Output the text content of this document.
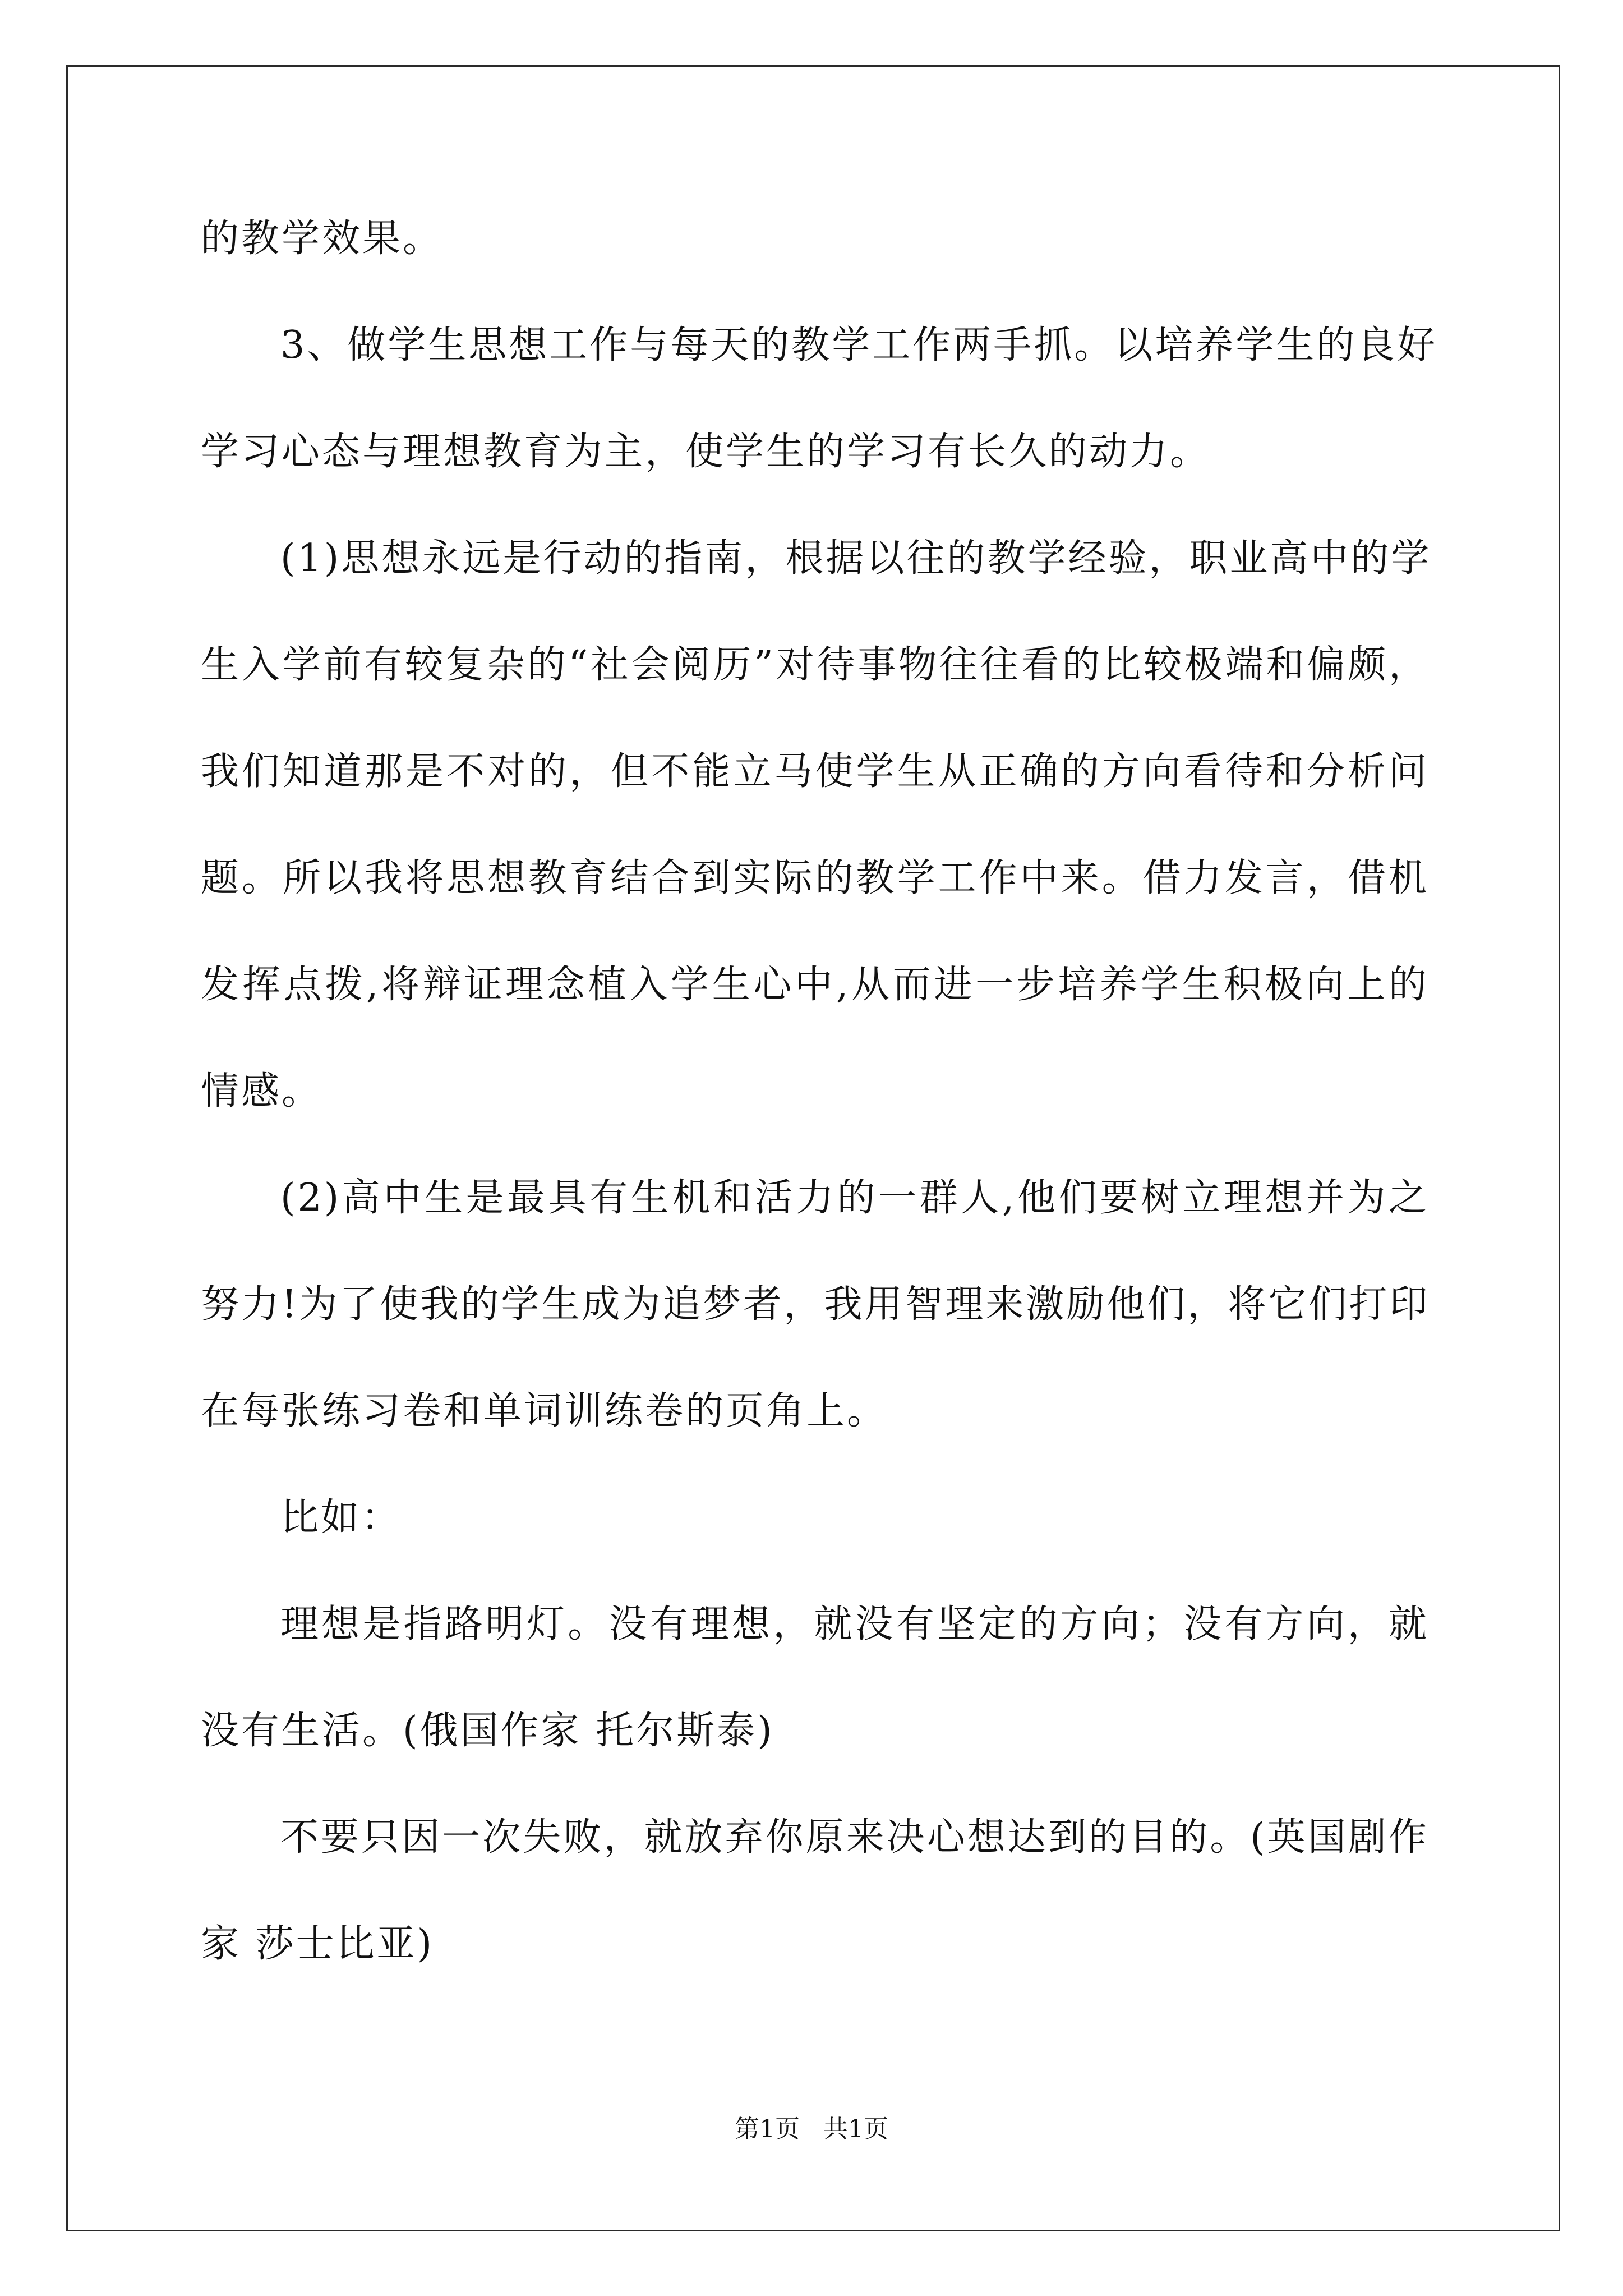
的教学效果。
3、做学生思想工作与每天的教学工作两手抓。以培养学生的良好
学习心态与理想教育为主，使学生的学习有长久的动力。
(1)思想永远是行动的指南，根据以往的教学经验，职业高中的学
生入学前有较复杂的“社会阅历”对待事物往往看的比较极端和偏颇，
我们知道那是不对的，但不能立马使学生从正确的方向看待和分析问
题。所以我将思想教育结合到实际的教学工作中来。借力发言，借机
发挥点拨,将辩证理念植入学生心中,从而进一步培养学生积极向上的
情感。
(2)高中生是最具有生机和活力的一群人,他们要树立理想并为之
努力!为了使我的学生成为追梦者，我用智理来激励他们，将它们打印
在每张练习卷和单词训练卷的页角上。
比如：
理想是指路明灯。没有理想，就没有坚定的方向；没有方向，就
没有生活。(俄国作家 托尔斯泰)
不要只因一次失败，就放弃你原来决心想达到的目的。(英国剧作
家 莎士比亚)
第1页   共1页
